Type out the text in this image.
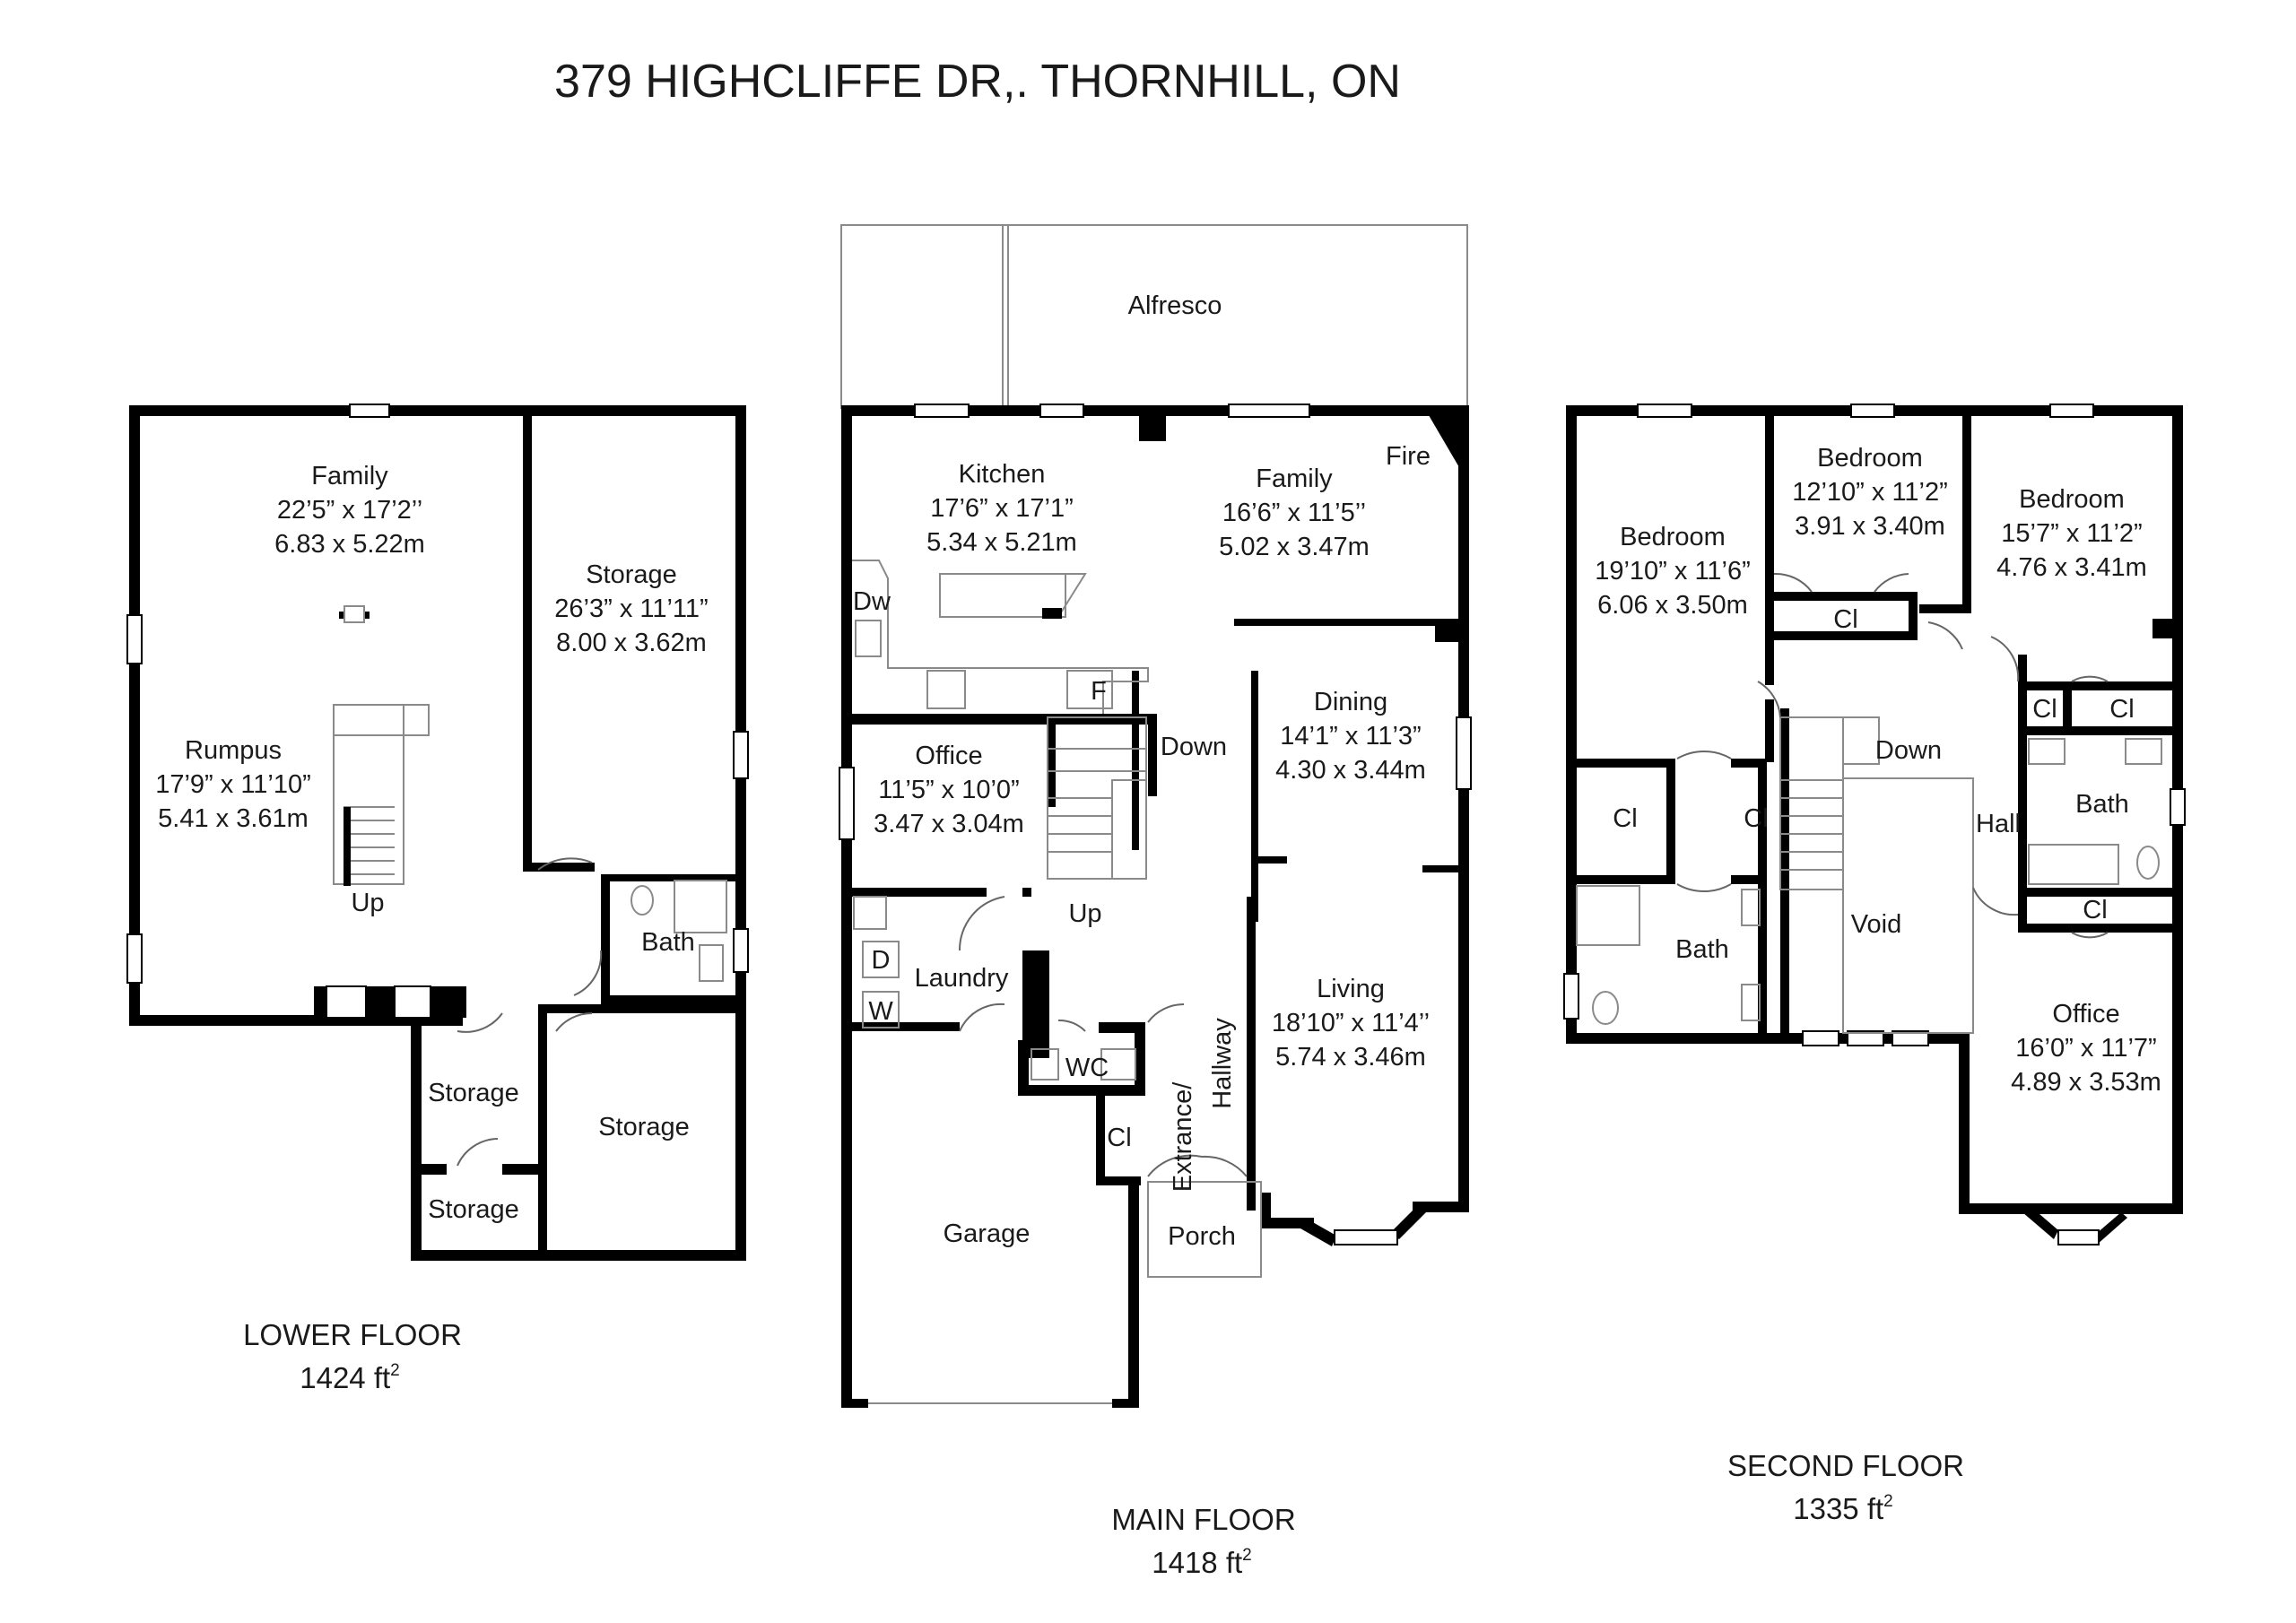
379 HIGHCLIFFE DR,. THORNHILL, ON
Family
22’5” x 17’2’’
6.83 x 5.22m
Rumpus
17’9” x 11’10”
5.41 x 3.61m
Storage
26’3” x 11’11”
8.00 x 3.62m
Bath
Up
Storage
Storage
Storage
LOWER FLOOR
1424 $ft^2$
Alfresco
Kitchen
17’6” x 17’1”
5.34 x 5.21m
Family
16’6” x 11’5’’
5.02 x 3.47m
Fire
Dw
F
Office
11’5” x 10’0”
3.47 x 3.04m
Down
Up
Dining
14’1” x 11’3”
4.30 x 3.44m
Laundry
D
W
WC
Cl Extrance/
Hallway
Living
18’10” x 11’4’’
5.74 x 3.46m
Garage	Porch
MAIN FLOOR
1418 $ft^2$
Bedroom
19’10” x 11’6”
6.06 x 3.50m
Bedroom
12’10” x 11’2”
3.91 x 3.40m
Bedroom
15’7” x 11’2”
4.76 x 3.41m
Cl
Cl Cl
Cl	Cl
Cl
Down
Hall
Bath
Void
Bath
Office
16’0” x 11’7”
4.89 x 3.53m
SECOND FLOOR
1335 $ft^2$
